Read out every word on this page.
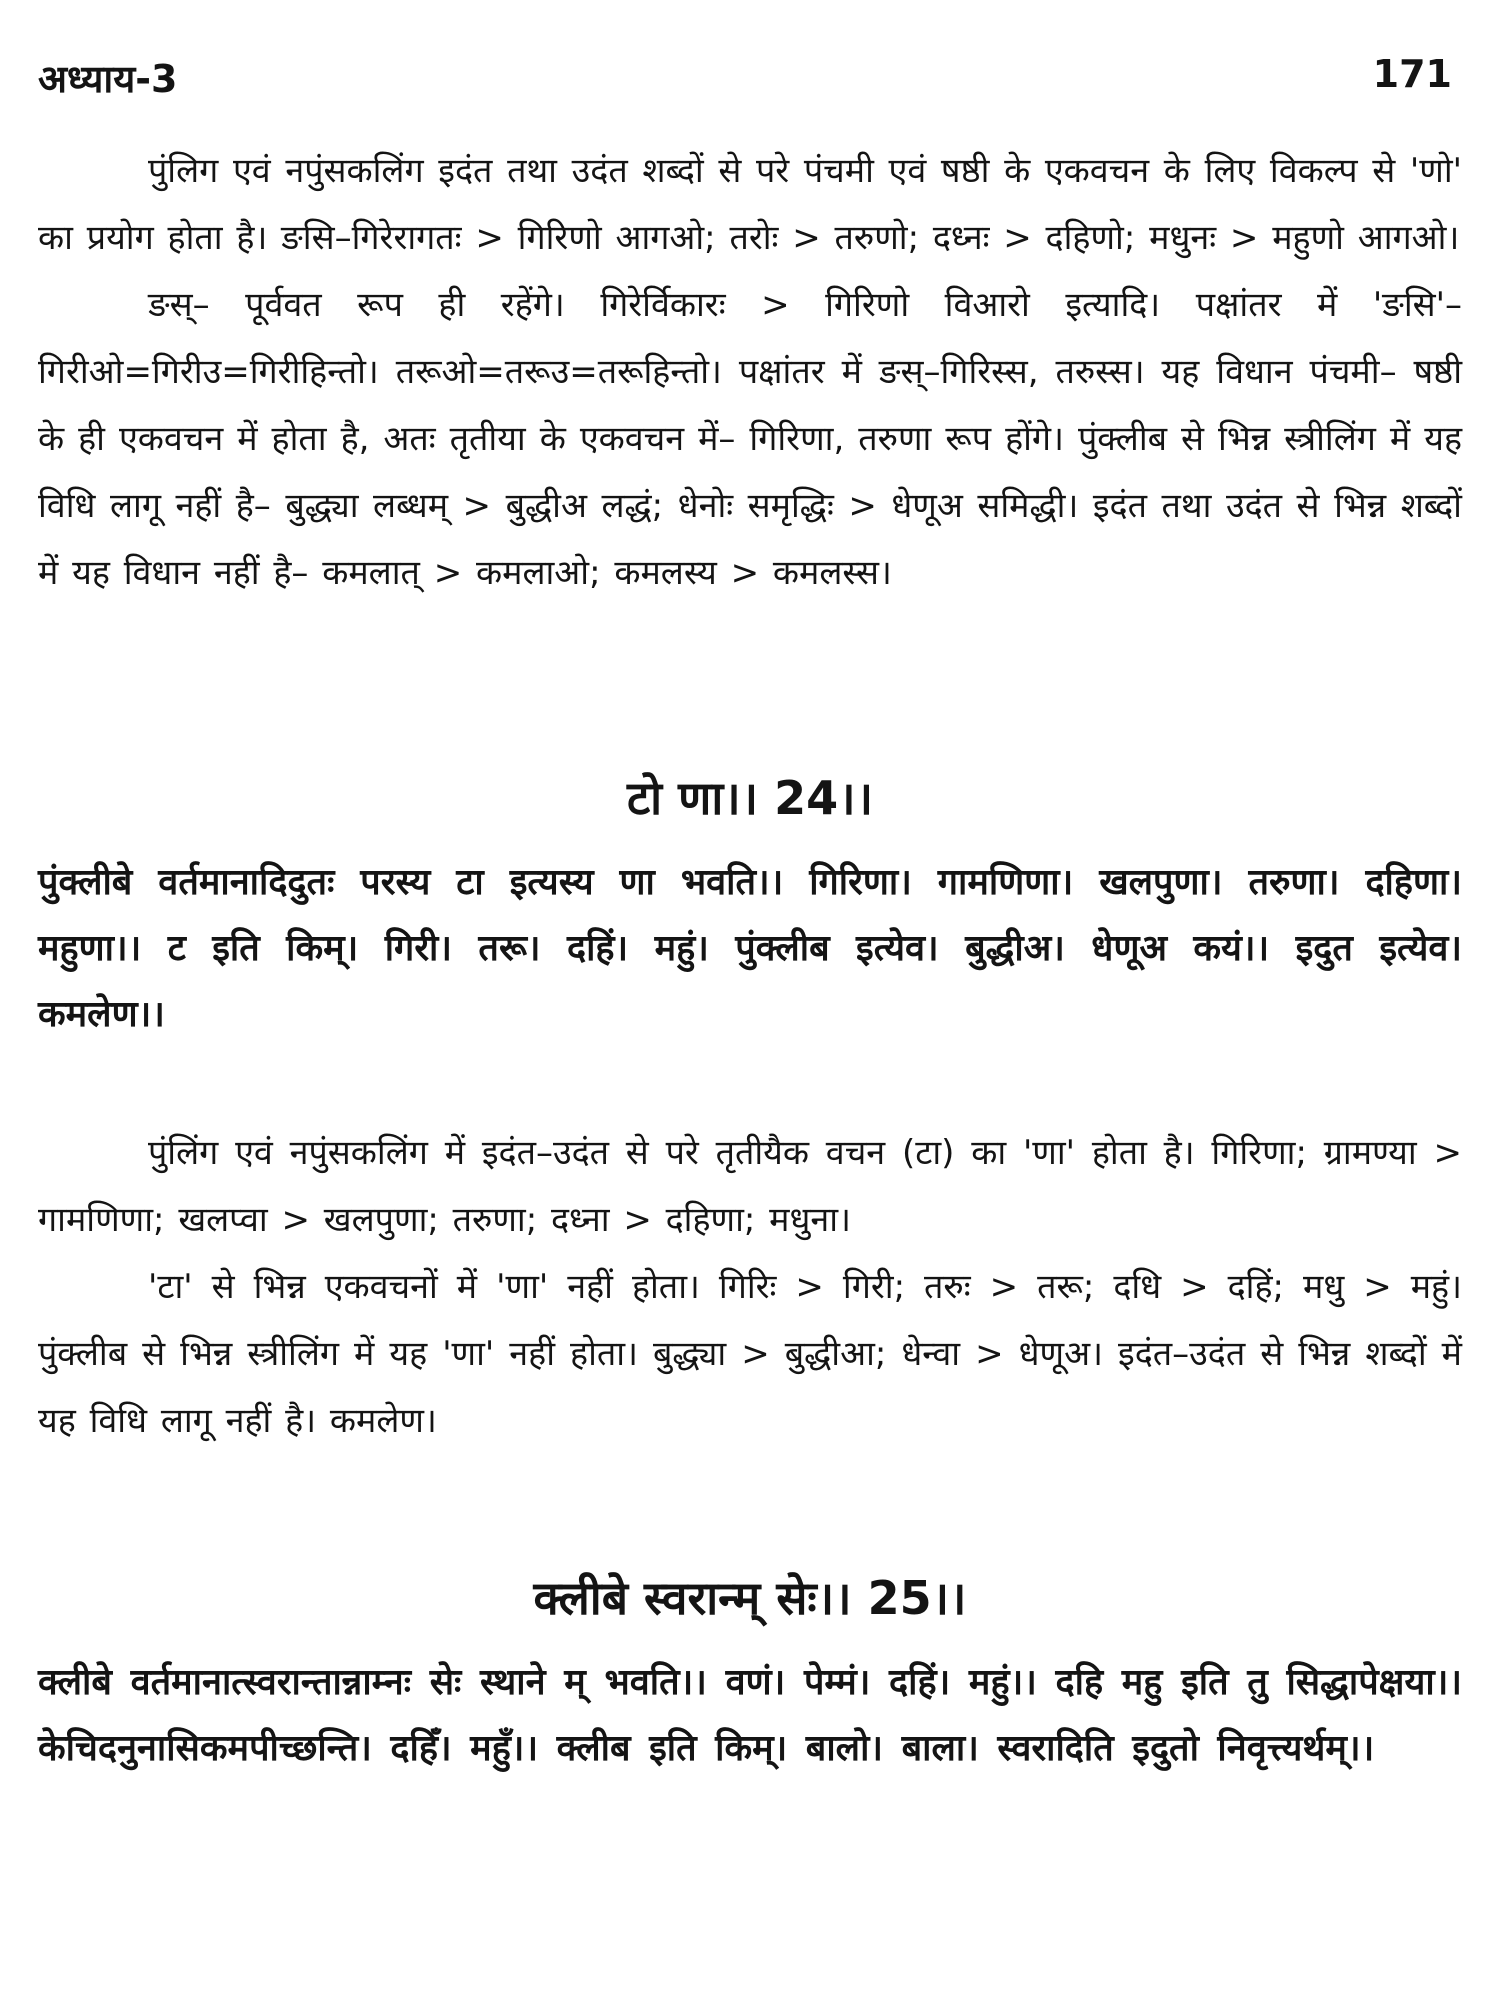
अध्याय-3	171

पुंलिग एवं नपुंसकलिंग इदंत तथा उदंत शब्दों से परे पंचमी एवं षष्ठी के एकवचन के लिए विकल्प से 'णो' का प्रयोग होता है। ङसि–गिरेरागतः > गिरिणो आगओ; तरोः > तरुणो; दध्नः > दहिणो; मधुनः > महुणो आगओ।

ङस्– पूर्ववत रूप ही रहेंगे। गिरेर्विकारः > गिरिणो विआरो इत्यादि। पक्षांतर में 'ङसि'–गिरीओ=गिरीउ=गिरीहिन्तो। तरूओ=तरूउ=तरूहिन्तो। पक्षांतर में ङस्–गिरिस्स, तरुस्स। यह विधान पंचमी– षष्ठी के ही एकवचन में होता है, अतः तृतीया के एकवचन में– गिरिणा, तरुणा रूप होंगे। पुंक्लीब से भिन्न स्त्रीलिंग में यह विधि लागू नहीं है– बुद्ध्या लब्धम् > बुद्धीअ लद्धं; धेनोः समृद्धिः > धेणूअ समिद्धी। इदंत तथा उदंत से भिन्न शब्दों में यह विधान नहीं है– कमलात् > कमलाओ; कमलस्य > कमलस्स।

टो णा।। 24।।

पुंक्लीबे वर्तमानादिदुतः परस्य टा इत्यस्य णा भवति।। गिरिणा। गामणिणा। खलपुणा। तरुणा। दहिणा। महुणा।। ट इति किम्। गिरी। तरू। दहिं। महुं। पुंक्लीब इत्येव। बुद्धीअ। धेणूअ कयं।। इदुत इत्येव। कमलेण।।

पुंलिंग एवं नपुंसकलिंग में इदंत–उदंत से परे तृतीयैक वचन (टा) का 'णा' होता है। गिरिणा; ग्रामण्या > गामणिणा; खलप्वा > खलपुणा; तरुणा; दध्ना > दहिणा; मधुना।

'टा' से भिन्न एकवचनों में 'णा' नहीं होता। गिरिः > गिरी; तरुः > तरू; दधि > दहिं; मधु > महुं। पुंक्लीब से भिन्न स्त्रीलिंग में यह 'णा' नहीं होता। बुद्ध्या > बुद्धीआ; धेन्वा > धेणूअ। इदंत–उदंत से भिन्न शब्दों में यह विधि लागू नहीं है। कमलेण।

क्लीबे स्वरान्म् सेः।। 25।।

क्लीबे वर्तमानात्स्वरान्तान्नाम्नः सेः स्थाने म् भवति।। वणं। पेम्मं। दहिं। महुं।। दहि महु इति तु सिद्धापेक्षया।। केचिदनुनासिकमपीच्छन्ति। दहिँ। महुँ।। क्लीब इति किम्। बालो। बाला। स्वरादिति इदुतो निवृत्त्यर्थम्।।
